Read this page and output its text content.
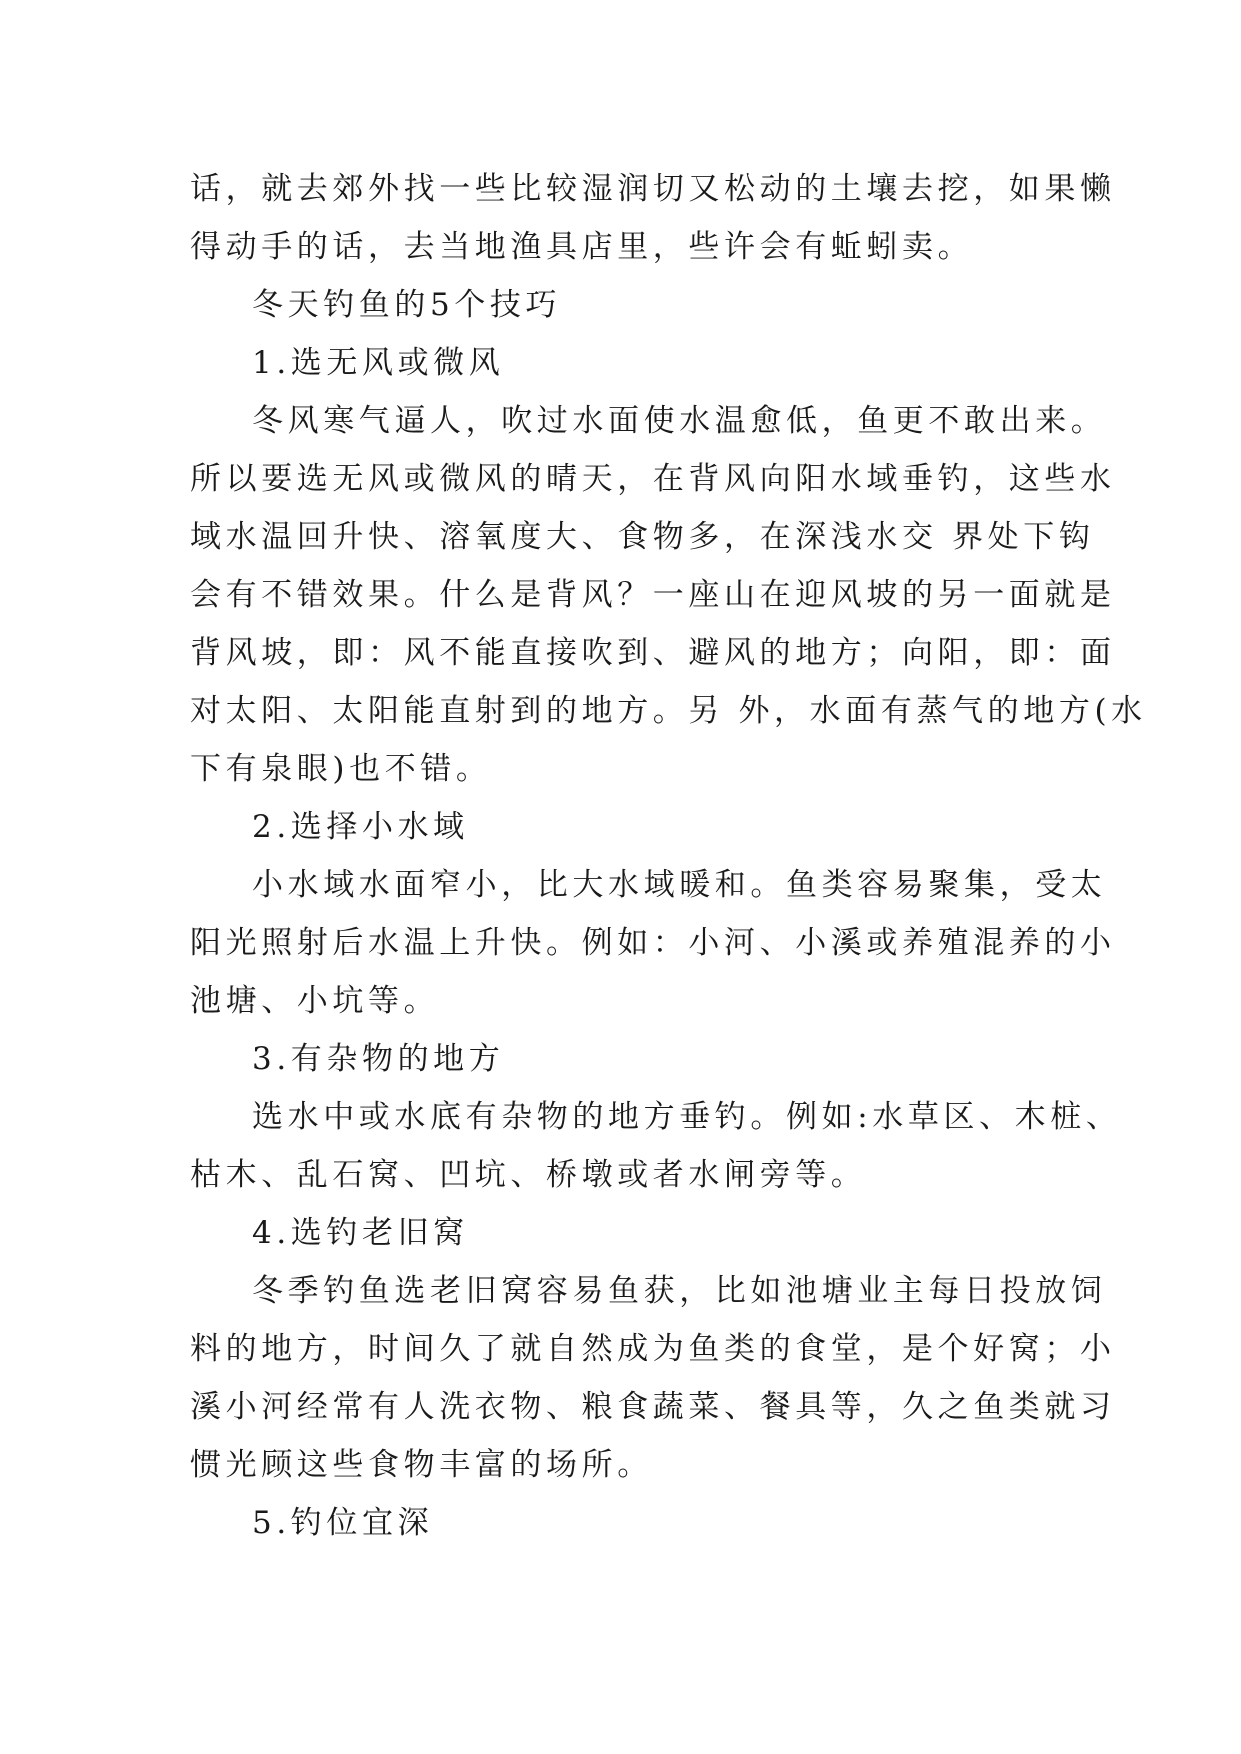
话，就去郊外找一些比较湿润切又松动的土壤去挖，如果懒
得动手的话，去当地渔具店里，些许会有蚯蚓卖。
冬天钓鱼的5个技巧
1.选无风或微风
冬风寒气逼人，吹过水面使水温愈低，鱼更不敢出来。
所以要选无风或微风的晴天，在背风向阳水域垂钓，这些水
域水温回升快、溶氧度大、食物多，在深浅水交 界处下钩
会有不错效果。什么是背风？一座山在迎风坡的另一面就是
背风坡，即：风不能直接吹到、避风的地方；向阳，即：面
对太阳、太阳能直射到的地方。另 外，水面有蒸气的地方(水
下有泉眼)也不错。
2.选择小水域
小水域水面窄小，比大水域暖和。鱼类容易聚集，受太
阳光照射后水温上升快。例如：小河、小溪或养殖混养的小
池塘、小坑等。
3.有杂物的地方
选水中或水底有杂物的地方垂钓。例如:水草区、木桩、
枯木、乱石窝、凹坑、桥墩或者水闸旁等。
4.选钓老旧窝
冬季钓鱼选老旧窝容易鱼获，比如池塘业主每日投放饲
料的地方，时间久了就自然成为鱼类的食堂，是个好窝；小
溪小河经常有人洗衣物、粮食蔬菜、餐具等，久之鱼类就习
惯光顾这些食物丰富的场所。
5.钓位宜深
